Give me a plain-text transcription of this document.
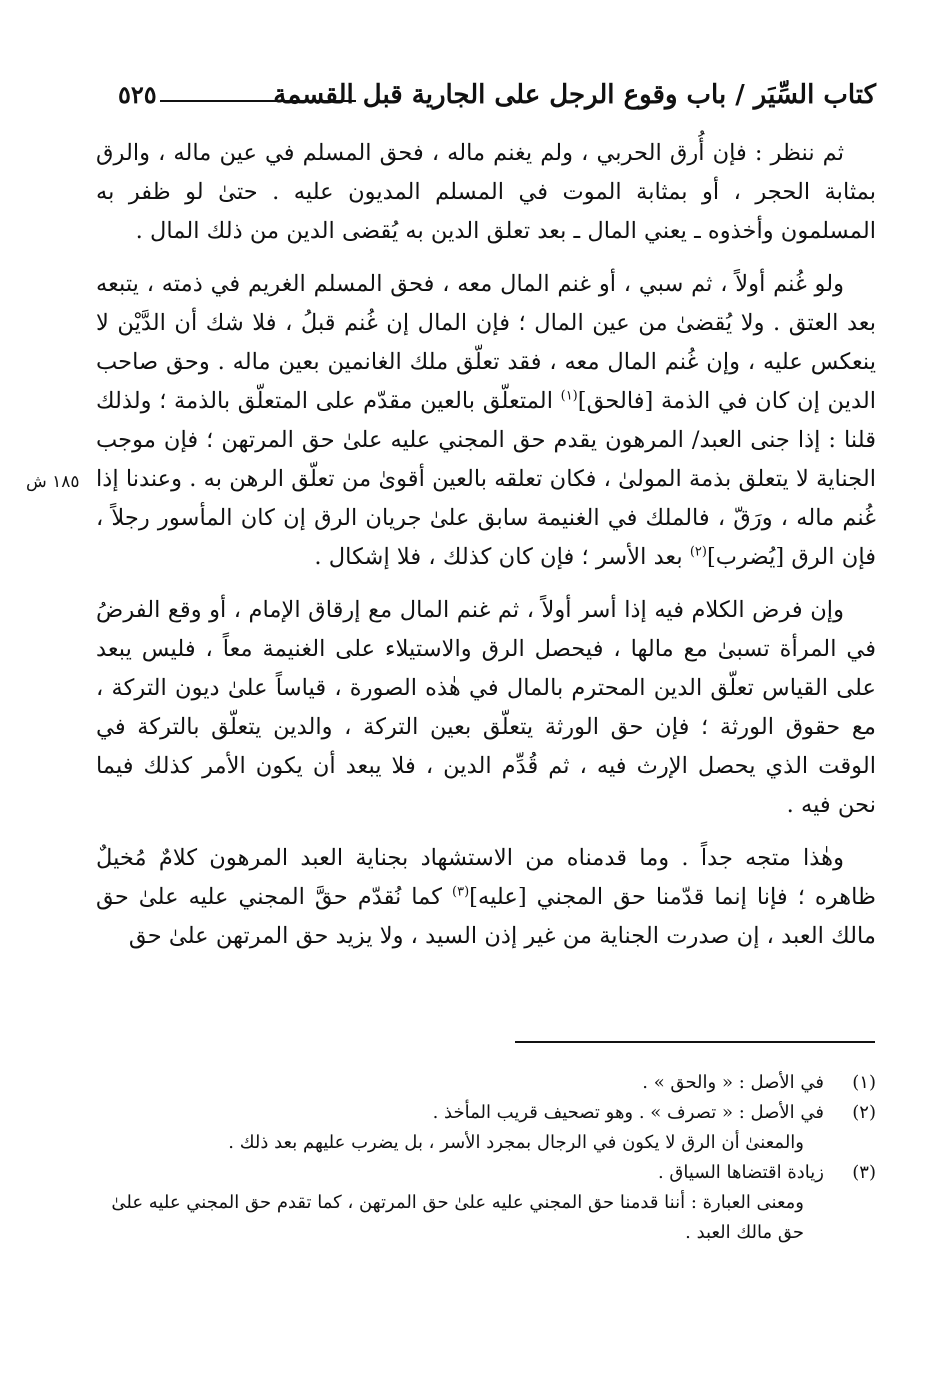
كتاب السِّيَر / باب وقوع الرجل على الجارية قبل القسمة
٥٢٥
١٨٥ ش

ثم ننظر : فإن أُرق الحربي ، ولم يغنم ماله ، فحق المسلم في عين ماله ، والرق بمثابة الحجر ، أو بمثابة الموت في المسلم المديون عليه . حتىٰ لو ظفر به المسلمون وأخذوه ـ يعني المال ـ بعد تعلق الدين به يُقضى الدين من ذلك المال .

ولو غُنم أولاً ، ثم سبي ، أو غنم المال معه ، فحق المسلم الغريم في ذمته ، يتبعه بعد العتق . ولا يُقضىٰ من عين المال ؛ فإن المال إن غُنم قبلُ ، فلا شك أن الدَّيْن لا ينعكس عليه ، وإن غُنم المال معه ، فقد تعلّق ملك الغانمين بعين ماله . وحق صاحب الدين إن كان في الذمة [فالحق]$^{(١)}$ المتعلّق بالعين مقدّم على المتعلّق بالذمة ؛ ولذلك قلنا : إذا جنى العبد/ المرهون يقدم حق المجني عليه علىٰ حق المرتهن ؛ فإن موجب الجناية لا يتعلق بذمة المولىٰ ، فكان تعلقه بالعين أقوىٰ من تعلّق الرهن به . وعندنا إذا غُنم ماله ، ورَقّ ، فالملك في الغنيمة سابق علىٰ جريان الرق إن كان المأسور رجلاً ، فإن الرق [يُضرب]$^{(٢)}$ بعد الأسر ؛ فإن كان كذلك ، فلا إشكال .

وإن فرض الكلام فيه إذا أسر أولاً ، ثم غنم المال مع إرقاق الإمام ، أو وقع الفرضُ في المرأة تسبىٰ مع مالها ، فيحصل الرق والاستيلاء على الغنيمة معاً ، فليس يبعد على القياس تعلّق الدين المحترم بالمال في هٰذه الصورة ، قياساً علىٰ ديون التركة ، مع حقوق الورثة ؛ فإن حق الورثة يتعلّق بعين التركة ، والدين يتعلّق بالتركة في الوقت الذي يحصل الإرث فيه ، ثم قُدِّم الدين ، فلا يبعد أن يكون الأمر كذلك فيما نحن فيه .

وهٰذا متجه جداً . وما قدمناه من الاستشهاد بجناية العبد المرهون كلامٌ مُخيلٌ ظاهره ؛ فإنا إنما قدّمنا حق المجني [عليه]$^{(٣)}$ كما نُقدّم حقَّ المجني عليه علىٰ حق مالك العبد ، إن صدرت الجناية من غير إذن السيد ، ولا يزيد حق المرتهن علىٰ حق

(١)
في الأصل : « والحق » .
(٢)
في الأصل : « تصرف » . وهو تصحيف قريب المأخذ .
والمعنىٰ أن الرق لا يكون في الرجال بمجرد الأسر ، بل يضرب عليهم بعد ذلك .
(٣)
زيادة اقتضاها السياق .
ومعنى العبارة : أننا قدمنا حق المجني عليه علىٰ حق المرتهن ، كما تقدم حق المجني عليه علىٰ حق مالك العبد .
